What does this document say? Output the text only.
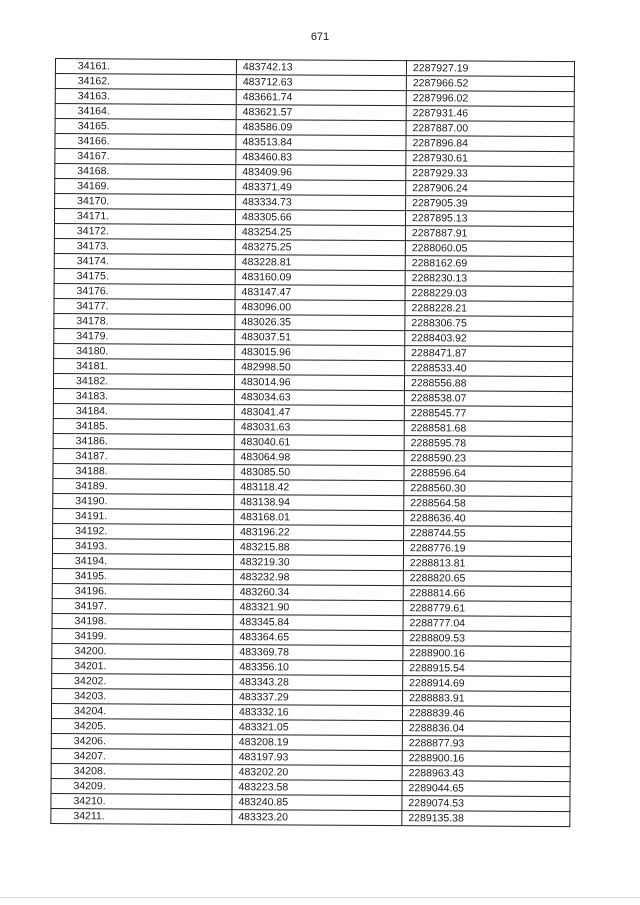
671
34161.	483742.13	2287927.19
34162.	483712.63	2287966.52
34163.	483661.74	2287996.02
34164.	483621.57	2287931.46
34165.	483586.09	2287887.00
34166.	483513.84	2287896.84
34167.	483460.83	2287930.61
34168.	483409.96	2287929.33
34169.	483371.49	2287906.24
34170.	483334.73	2287905.39
34171.	483305.66	2287895.13
34172.	483254.25	2287887.91
34173.	483275.25	2288060.05
34174.	483228.81	2288162.69
34175.	483160.09	2288230.13
34176.	483147.47	2288229.03
34177.	483096.00	2288228.21
34178.	483026.35	2288306.75
34179.	483037.51	2288403.92
34180.	483015.96	2288471.87
34181.	482998.50	2288533.40
34182.	483014.96	2288556.88
34183.	483034.63	2288538.07
34184.	483041.47	2288545.77
34185.	483031.63	2288581.68
34186.	483040.61	2288595.78
34187.	483064.98	2288590.23
34188.	483085.50	2288596.64
34189.	483118.42	2288560.30
34190.	483138.94	2288564.58
34191.	483168.01	2288636.40
34192.	483196.22	2288744.55
34193.	483215.88	2288776.19
34194.	483219.30	2288813.81
34195.	483232.98	2288820.65
34196.	483260.34	2288814.66
34197.	483321.90	2288779.61
34198.	483345.84	2288777.04
34199.	483364.65	2288809.53
34200.	483369.78	2288900.16
34201.	483356.10	2288915.54
34202.	483343.28	2288914.69
34203.	483337.29	2288883.91
34204.	483332.16	2288839.46
34205.	483321.05	2288836.04
34206.	483208.19	2288877.93
34207.	483197.93	2288900.16
34208.	483202.20	2288963.43
34209.	483223.58	2289044.65
34210.	483240.85	2289074.53
34211.	483323.20	2289135.38
